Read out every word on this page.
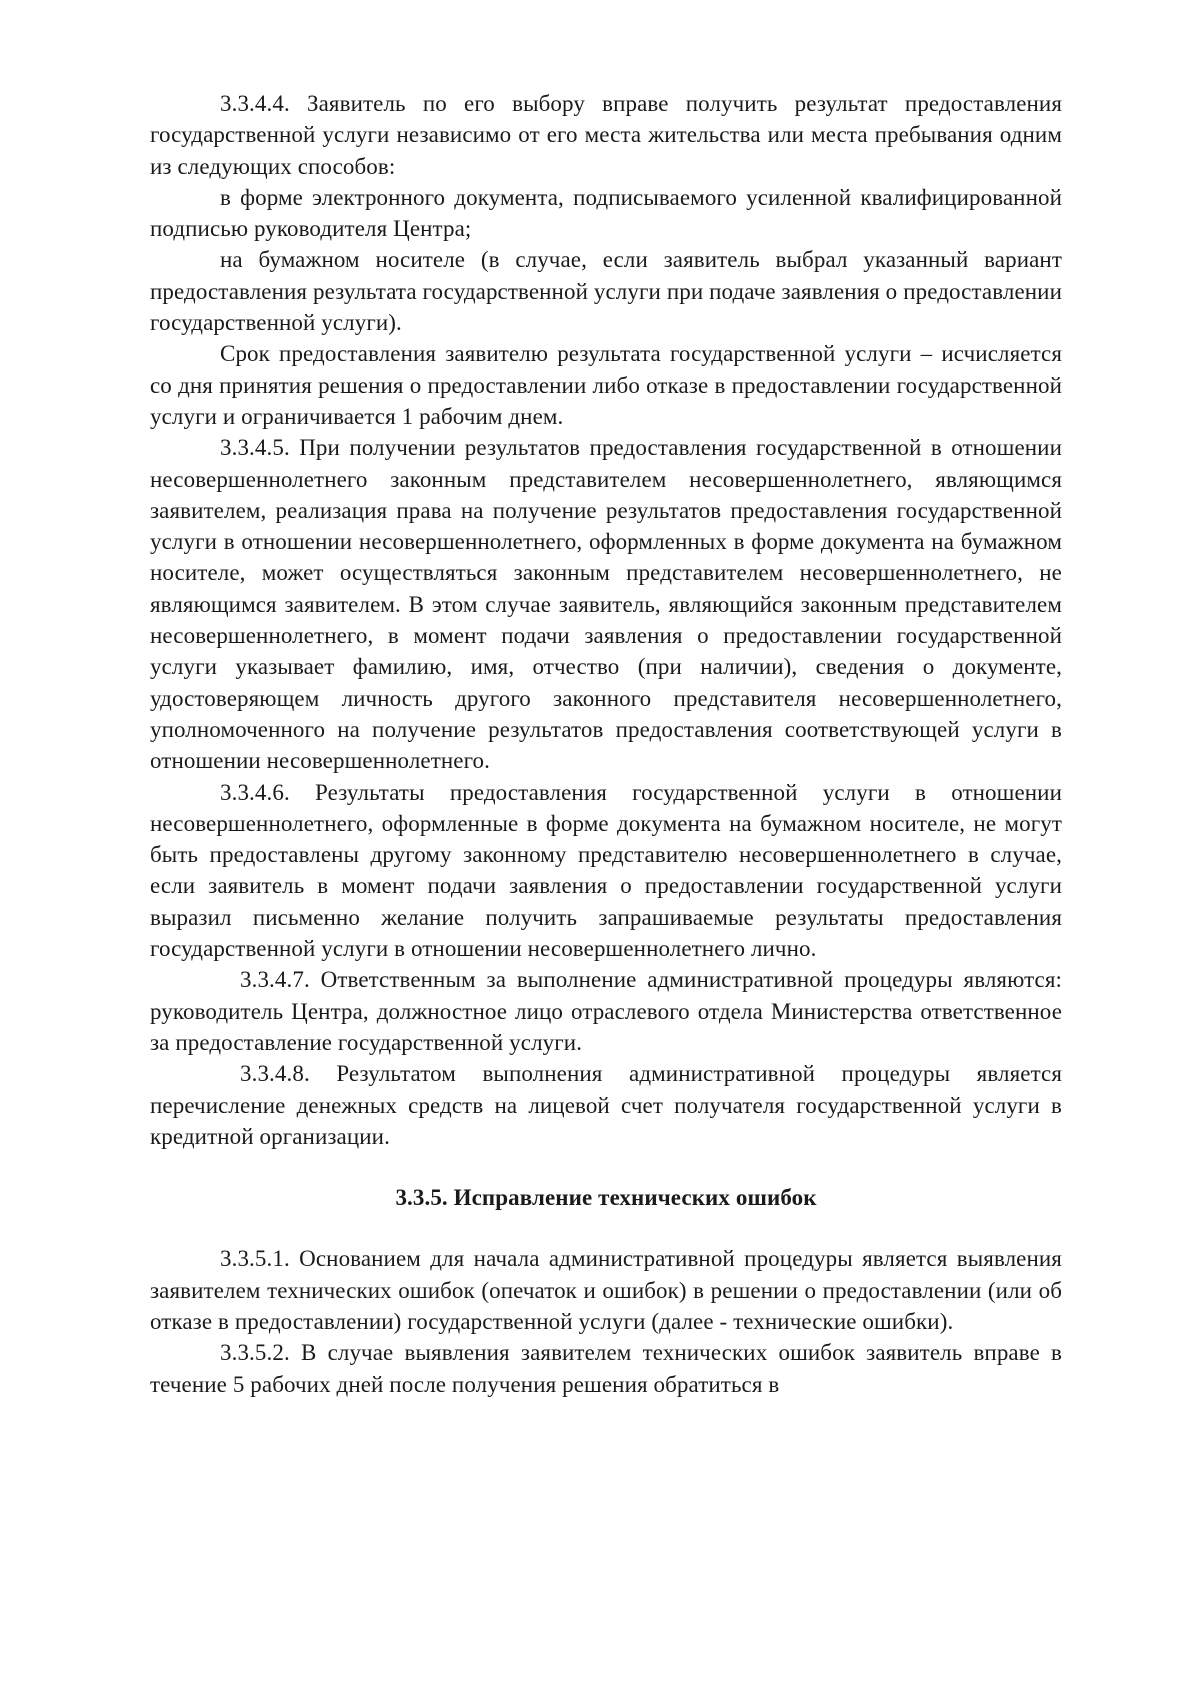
3.3.4.4. Заявитель по его выбору вправе получить результат предоставления государственной услуги независимо от его места жительства или места пребывания одним из следующих способов:

в форме электронного документа, подписываемого усиленной квалифицированной подписью руководителя Центра;

на бумажном носителе (в случае, если заявитель выбрал указанный вариант предоставления результата государственной услуги при подаче заявления о предоставлении государственной услуги).

Срок предоставления заявителю результата государственной услуги – исчисляется со дня принятия решения о предоставлении либо отказе в предоставлении государственной услуги и ограничивается 1 рабочим днем.

3.3.4.5. При получении результатов предоставления государственной в отношении несовершеннолетнего законным представителем несовершеннолетнего, являющимся заявителем, реализация права на получение результатов предоставления государственной услуги в отношении несовершеннолетнего, оформленных в форме документа на бумажном носителе, может осуществляться законным представителем несовершеннолетнего, не являющимся заявителем. В этом случае заявитель, являющийся законным представителем несовершеннолетнего, в момент подачи заявления о предоставлении государственной услуги указывает фамилию, имя, отчество (при наличии), сведения о документе, удостоверяющем личность другого законного представителя несовершеннолетнего, уполномоченного на получение результатов предоставления соответствующей услуги в отношении несовершеннолетнего.

3.3.4.6. Результаты предоставления государственной услуги в отношении несовершеннолетнего, оформленные в форме документа на бумажном носителе, не могут быть предоставлены другому законному представителю несовершеннолетнего в случае, если заявитель в момент подачи заявления о предоставлении государственной услуги выразил письменно желание получить запрашиваемые результаты предоставления государственной услуги в отношении несовершеннолетнего лично.

3.3.4.7. Ответственным за выполнение административной процедуры являются: руководитель Центра, должностное лицо отраслевого отдела Министерства ответственное за предоставление государственной услуги.

3.3.4.8. Результатом выполнения административной процедуры является перечисление денежных средств на лицевой счет получателя государственной услуги в кредитной организации.

3.3.5. Исправление технических ошибок

3.3.5.1. Основанием для начала административной процедуры является выявления заявителем технических ошибок (опечаток и ошибок) в решении о предоставлении (или об отказе в предоставлении) государственной услуги (далее - технические ошибки).

3.3.5.2. В случае выявления заявителем технических ошибок заявитель вправе в течение 5 рабочих дней после получения решения обратиться в
